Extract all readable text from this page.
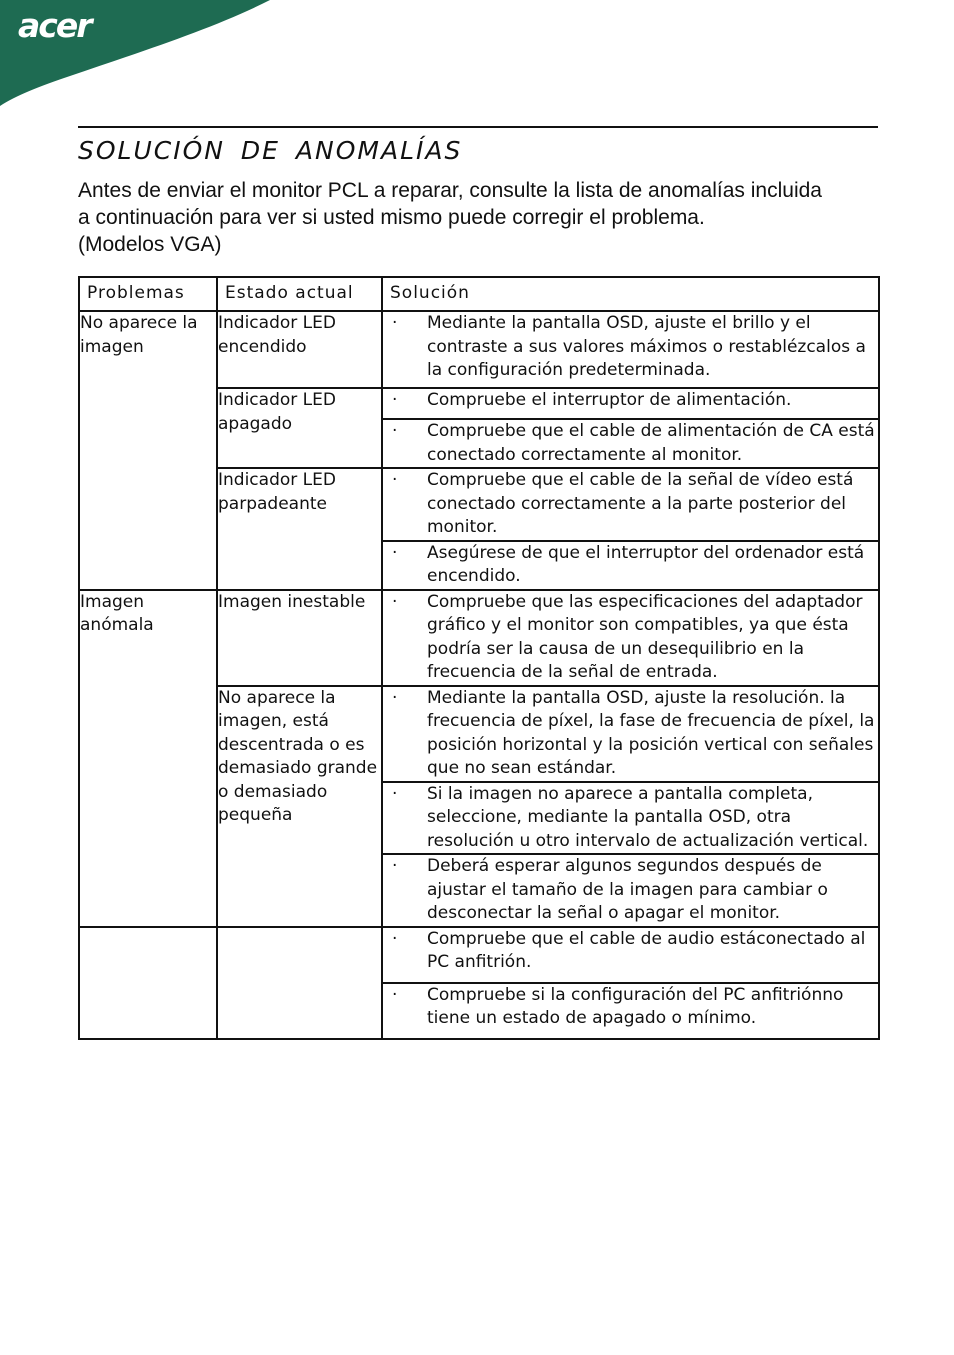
acer

SOLUCIÓN DE ANOMALÍAS
Antes de enviar el monitor PCL a reparar, consulte la lista de anomalías incluida
a continuación para ver si usted mismo puede corregir el problema.
(Modelos VGA)
Problemas	Estado actual	Solución
No aparece la imagen	Indicador LED encendido	· Mediante la pantalla OSD, ajuste el brillo y el contraste a sus valores máximos o restablézcalos a la configuración predeterminada.

	Indicador LED apagado	· Compruebe el interruptor de alimentación.

		· Compruebe que el cable de alimentación de CA está conectado correctamente al monitor.

	Indicador LED parpadeante	· Compruebe que el cable de la señal de vídeo está conectado correctamente a la parte posterior del monitor.

		· Asegúrese de que el interruptor del ordenador está encendido.

Imagen anómala	Imagen inestable	· Compruebe que las especificaciones del adaptador gráfico y el monitor son compatibles, ya que ésta podría ser la causa de un desequilibrio en la frecuencia de la señal de entrada.

	No aparece la imagen, está descentrada o es demasiado grande o demasiado pequeña	· Mediante la pantalla OSD, ajuste la resolución. la frecuencia de píxel, la fase de frecuencia de píxel, la posición horizontal y la posición vertical con señales que no sean estándar.

		· Si la imagen no aparece a pantalla completa, seleccione, mediante la pantalla OSD, otra resolución u otro intervalo de actualización vertical.

		· Deberá esperar algunos segundos después de ajustar el tamaño de la imagen para cambiar o desconectar la señal o apagar el monitor.

		· Compruebe que el cable de audio estáconectado al PC anfitrión.

		· Compruebe si la configuración del PC anfitriónno tiene un estado de apagado o mínimo.
